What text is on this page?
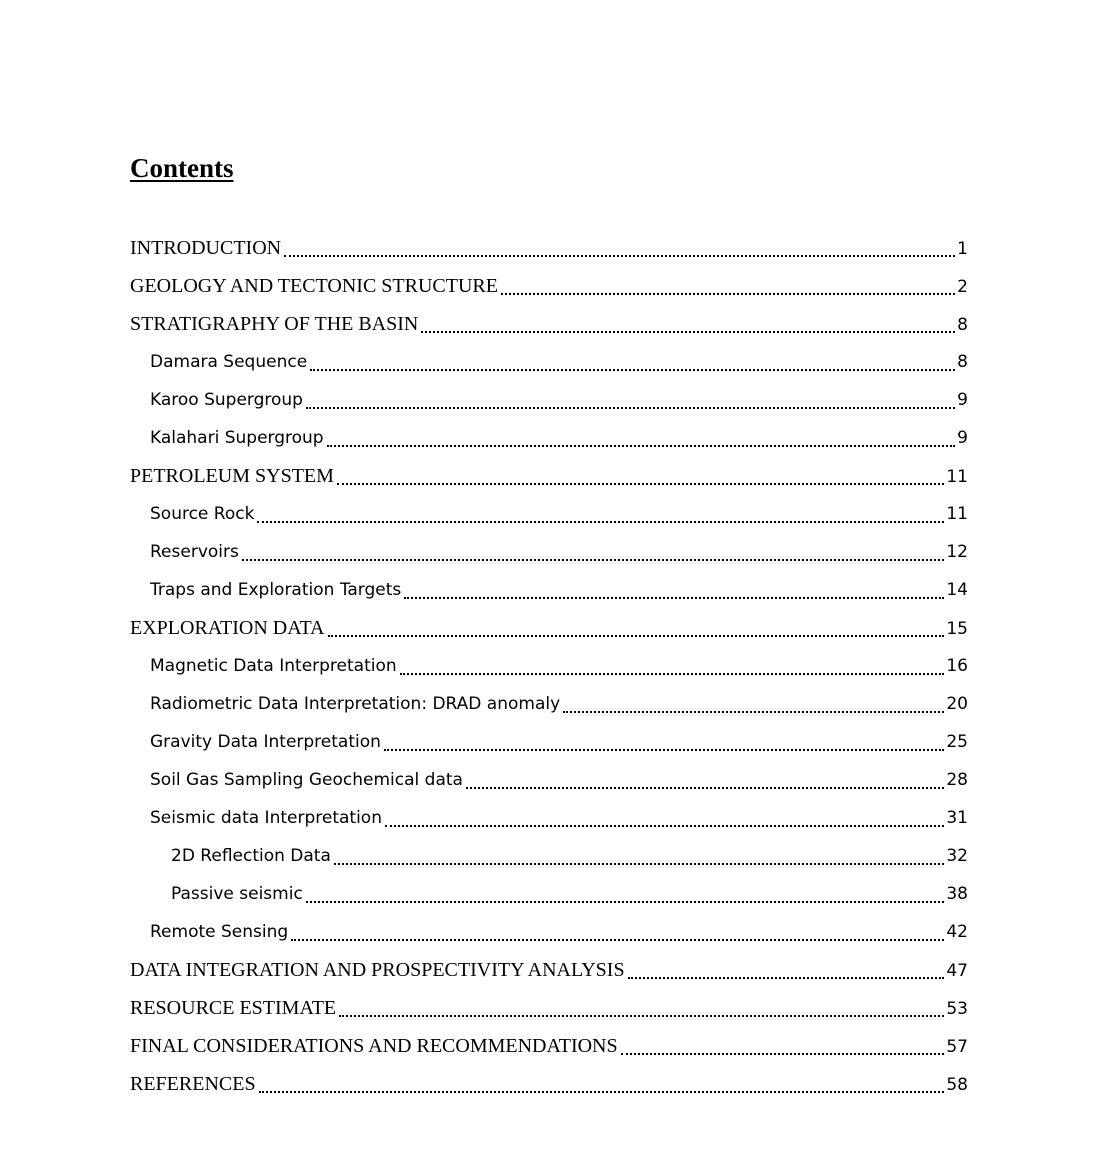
Contents
INTRODUCTION	1
GEOLOGY AND TECTONIC STRUCTURE	2
STRATIGRAPHY OF THE BASIN	8
Damara Sequence	8
Karoo Supergroup	9
Kalahari Supergroup	9
PETROLEUM SYSTEM	11
Source Rock	11
Reservoirs	12
Traps and Exploration Targets	14
EXPLORATION DATA	15
Magnetic Data Interpretation	16
Radiometric Data Interpretation: DRAD anomaly	20
Gravity Data Interpretation	25
Soil Gas Sampling Geochemical data	28
Seismic data Interpretation	31
2D Reflection Data	32
Passive seismic	38
Remote Sensing	42
DATA INTEGRATION AND PROSPECTIVITY ANALYSIS	47
RESOURCE ESTIMATE	53
FINAL CONSIDERATIONS AND RECOMMENDATIONS	57
REFERENCES	58
